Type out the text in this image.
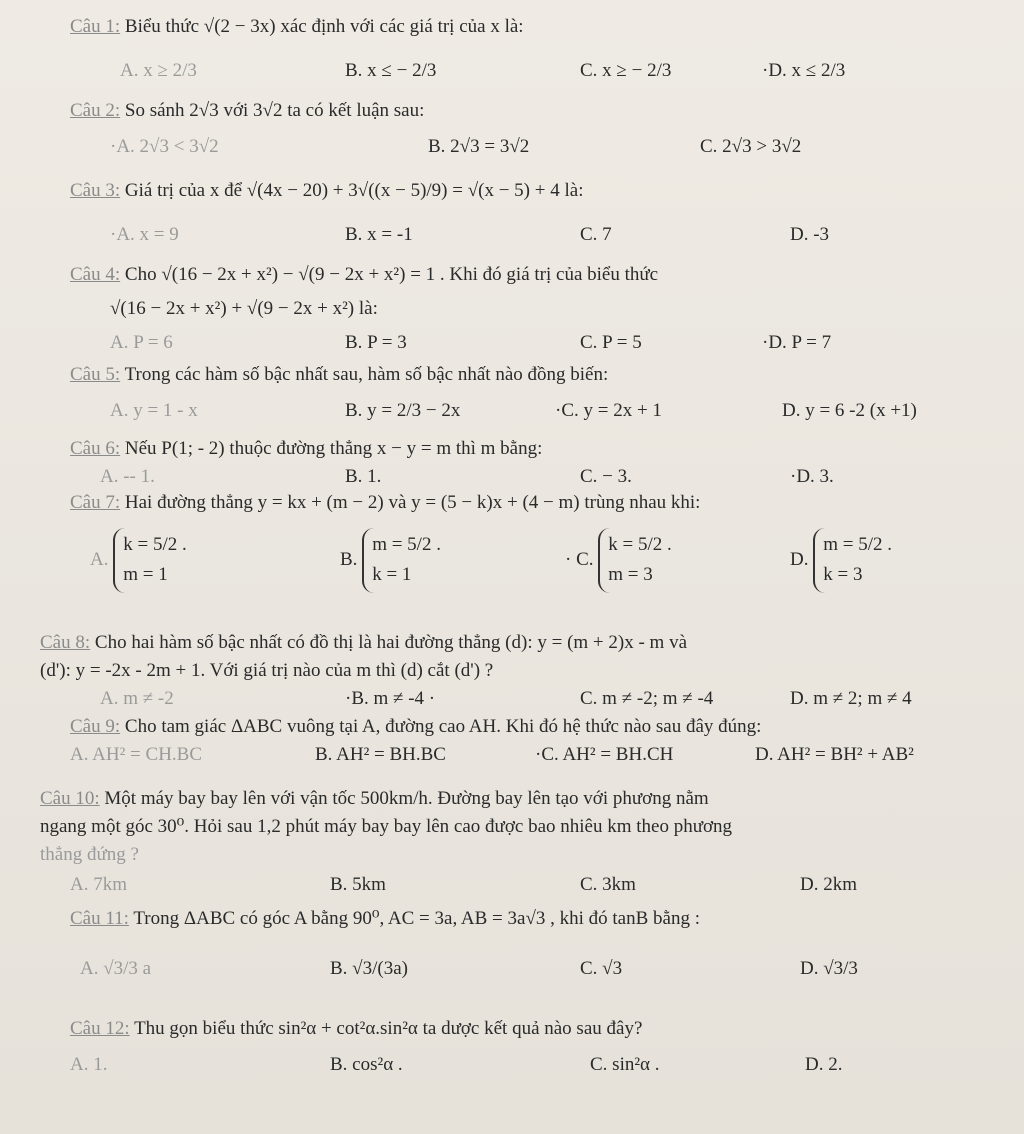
Câu 1: Biểu thức √(2 − 3x) xác định với các giá trị của x là:
A. x ≥ 2/3	B. x ≤ − 2/3	C. x ≥ − 2/3	·D. x ≤ 2/3
Câu 2: So sánh 2√3 với 3√2 ta có kết luận sau:
·A. 2√3 < 3√2	B. 2√3 = 3√2	C. 2√3 > 3√2
Câu 3: Giá trị của x để √(4x − 20) + 3√((x − 5)/9) = √(x − 5) + 4 là:
·A. x = 9	B. x = -1	C. 7	D. -3
Câu 4: Cho √(16 − 2x + x²) − √(9 − 2x + x²) = 1 . Khi đó giá trị của biểu thức
√(16 − 2x + x²) + √(9 − 2x + x²) là:
A. P = 6	B. P = 3	C. P = 5	·D. P = 7
Câu 5: Trong các hàm số bậc nhất sau, hàm số bậc nhất nào đồng biến:
A. y = 1 - x	B. y = 2/3 − 2x	·C. y = 2x + 1	D. y = 6 -2 (x +1)
Câu 6: Nếu P(1; - 2) thuộc đường thẳng x − y = m thì m bằng:
A. -- 1.	B. 1.	C. − 3.	·D. 3.
Câu 7: Hai đường thẳng y = kx + (m − 2) và y = (5 − k)x + (4 − m) trùng nhau khi:
A.
k = 5/2 .
m = 1
B.
m = 5/2 .
k = 1
· C.
k = 5/2 .
m = 3
D.
m = 5/2 .
k = 3
Câu 8: Cho hai hàm số bậc nhất có đồ thị là hai đường thẳng (d): y = (m + 2)x - m và
(d'): y = -2x - 2m + 1. Với giá trị nào của m thì (d) cắt (d') ?
A. m ≠ -2	·B. m ≠ -4 ·	C. m ≠ -2; m ≠ -4	D. m ≠ 2; m ≠ 4
Câu 9: Cho tam giác ΔABC vuông tại A, đường cao AH. Khi đó hệ thức nào sau đây đúng:
A. AH² = CH.BC	B. AH² = BH.BC	·C. AH² = BH.CH	D. AH² = BH² + AB²
Câu 10: Một máy bay bay lên với vận tốc 500km/h. Đường bay lên tạo với phương nằm
ngang một góc 30⁰. Hỏi sau 1,2 phút máy bay bay lên cao được bao nhiêu km theo phương
thẳng đứng ?
A. 7km	B. 5km	C. 3km	D. 2km
Câu 11: Trong ΔABC có góc A bằng 90⁰, AC = 3a, AB = 3a√3 , khi đó tanB bằng :
A. √3/3 a	B. √3/(3a)	C. √3	D. √3/3
Câu 12: Thu gọn biểu thức sin²α + cot²α.sin²α ta dược kết quả nào sau đây?
A. 1.	B. cos²α .	C. sin²α .	D. 2.
